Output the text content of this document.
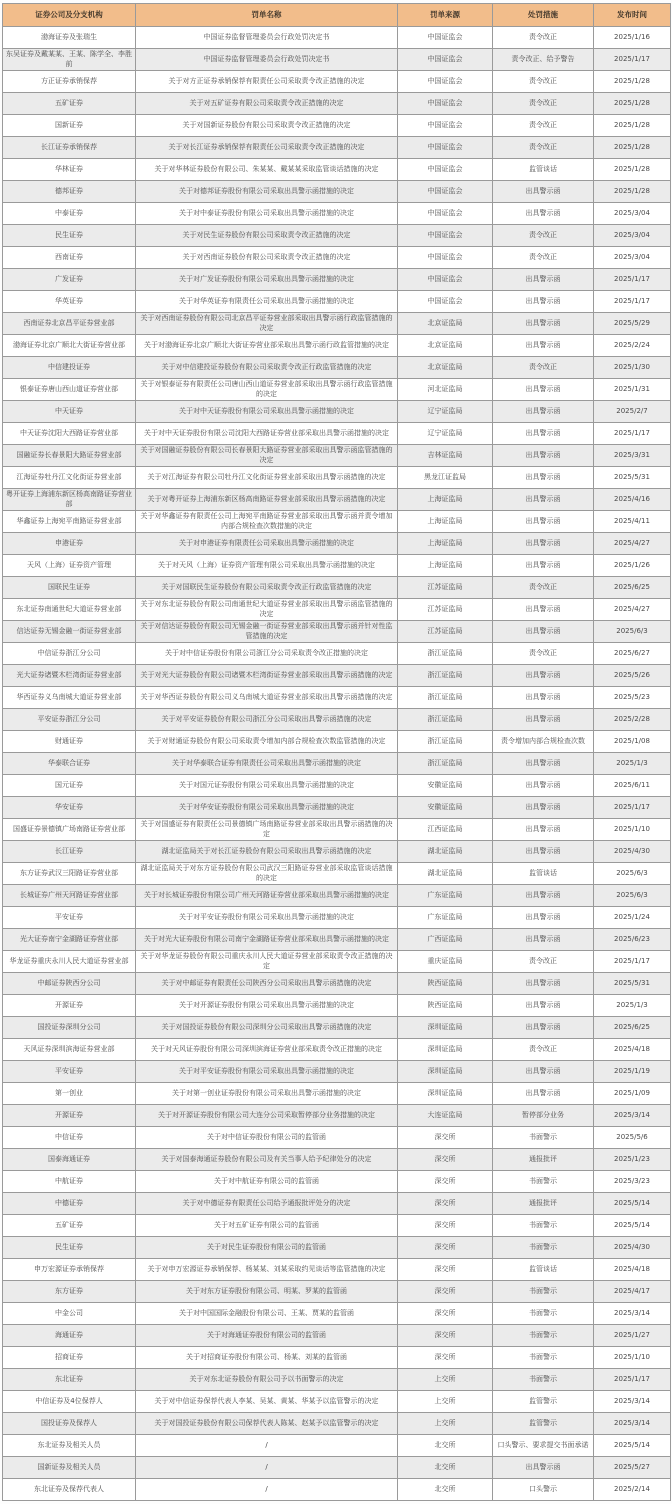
证券公司及分支机构	罚单名称	罚单来源	处罚措施	发布时间
渤海证券及张瑞生	中国证券监督管理委员会行政处罚决定书	中国证监会	责令改正	2025/1/16
东吴证券及戴某某、王某、陈学全、李胜前	中国证券监督管理委员会行政处罚决定书	中国证监会	责令改正、给予警告	2025/1/17
方正证券承销保荐	关于对方正证券承销保荐有限责任公司采取责令改正措施的决定	中国证监会	责令改正	2025/1/28
五矿证券	关于对五矿证券有限公司采取责令改正措施的决定	中国证监会	责令改正	2025/1/28
国新证券	关于对国新证券股份有限公司采取责令改正措施的决定	中国证监会	责令改正	2025/1/28
长江证券承销保荐	关于对长江证券承销保荐有限责任公司采取责令改正措施的决定	中国证监会	责令改正	2025/1/28
华林证券	关于对华林证券股份有限公司、朱某某、戴某某采取监管谈话措施的决定	中国证监会	监管谈话	2025/1/28
德邦证券	关于对德邦证券股份有限公司采取出具警示函措施的决定	中国证监会	出具警示函	2025/1/28
中泰证券	关于对中泰证券股份有限公司采取出具警示函措施的决定	中国证监会	出具警示函	2025/3/04
民生证券	关于对民生证券股份有限公司采取责令改正措施的决定	中国证监会	责令改正	2025/3/04
西南证券	关于对西南证券股份有限公司采取责令改正措施的决定	中国证监会	责令改正	2025/3/04
广发证券	关于对广发证券股份有限公司采取出具警示函措施的决定	中国证监会	出具警示函	2025/1/17
华英证券	关于对华英证券有限责任公司采取出具警示函措施的决定	中国证监会	出具警示函	2025/1/17
西南证券北京昌平证券营业部	关于对西南证券股份有限公司北京昌平证券营业部采取出具警示函行政监管措施的决定	北京证监局	出具警示函	2025/5/29
渤海证券北京广顺北大街证券营业部	关于对渤海证券北京广顺北大街证券营业部采取出具警示函行政监管措施的决定	北京证监局	出具警示函	2025/2/24
中信建投证券	关于对中信建投证券股份有限公司采取责令改正行政监管措施的决定	北京证监局	责令改正	2025/1/30
银泰证券唐山西山道证券营业部	关于对银泰证券有限责任公司唐山西山道证券营业部采取出具警示函行政监管措施的决定	河北证监局	出具警示函	2025/1/31
中天证券	关于对中天证券股份有限公司采取出具警示函措施的决定	辽宁证监局	出具警示函	2025/2/7
中天证券沈阳大西路证券营业部	关于对中天证券股份有限公司沈阳大西路证券营业部采取出具警示函措施的决定	辽宁证监局	出具警示函	2025/1/17
国融证券长春景阳大路证券营业部	关于对国融证券股份有限公司长春景阳大路证券营业部采取出具警示函监管措施的决定	吉林证监局	出具警示函	2025/3/31
江海证券牡丹江文化街证券营业部	关于对江海证券有限公司牡丹江文化街证券营业部采取出具警示函措施的决定	黑龙江证监局	出具警示函	2025/5/31
粤开证券上海浦东新区杨高南路证券营业部	关于对粤开证券上海浦东新区杨高南路证券营业部采取出具警示函措施的决定	上海证监局	出具警示函	2025/4/16
华鑫证券上海宛平南路证券营业部	关于对华鑫证券有限责任公司上海宛平南路证券营业部采取出具警示函并责令增加内部合规检查次数措施的决定	上海证监局	出具警示函	2025/4/11
申港证券	关于对申港证券有限责任公司采取出具警示函措施的决定	上海证监局	出具警示函	2025/4/27
天风（上海）证券资产管理	关于对天风（上海）证券资产管理有限公司采取出具警示函措施的决定	上海证监局	出具警示函	2025/1/26
国联民生证券	关于对国联民生证券股份有限公司采取责令改正行政监管措施的决定	江苏证监局	责令改正	2025/6/25
东北证券南通世纪大道证券营业部	关于对东北证券股份有限公司南通世纪大道证券营业部采取出具警示函监管措施的决定	江苏证监局	出具警示函	2025/4/27
信达证券无锡金融一街证券营业部	关于对信达证券股份有限公司无锡金融一街证券营业部采取出具警示函并针对性监管措施的决定	江苏证监局	出具警示函	2025/6/3
中信证券浙江分公司	关于对中信证券股份有限公司浙江分公司采取责令改正措施的决定	浙江证监局	责令改正	2025/6/27
光大证券诸暨木栏湾街证券营业部	关于对光大证券股份有限公司诸暨木栏湾街证券营业部采取出具警示函措施的决定	浙江证监局	出具警示函	2025/5/26
华西证券义乌南城大道证券营业部	关于对华西证券股份有限公司义乌南城大道证券营业部采取出具警示函措施的决定	浙江证监局	出具警示函	2025/5/23
平安证券浙江分公司	关于对平安证券股份有限公司浙江分公司采取出具警示函措施的决定	浙江证监局	出具警示函	2025/2/28
财通证券	关于对财通证券股份有限公司采取责令增加内部合规检查次数监管措施的决定	浙江证监局	责令增加内部合规检查次数	2025/1/08
华泰联合证券	关于对华泰联合证券有限责任公司采取出具警示函措施的决定	浙江证监局	出具警示函	2025/1/3
国元证券	关于对国元证券股份有限公司采取出具警示函措施的决定	安徽证监局	出具警示函	2025/6/11
华安证券	关于对华安证券股份有限公司采取出具警示函措施的决定	安徽证监局	出具警示函	2025/1/17
国盛证券景德镇广场南路证券营业部	关于对国盛证券有限责任公司景德镇广场南路证券营业部采取出具警示函措施的决定	江西证监局	出具警示函	2025/1/10
长江证券	湖北证监局关于对长江证券股份有限公司采取出具警示函措施的决定	湖北证监局	出具警示函	2025/4/30
东方证券武汉三阳路证券营业部	湖北证监局关于对东方证券股份有限公司武汉三阳路证券营业部采取监管谈话措施的决定	湖北证监局	监管谈话	2025/6/3
长城证券广州天河路证券营业部	关于对长城证券股份有限公司广州天河路证券营业部采取出具警示函措施的决定	广东证监局	出具警示函	2025/6/3
平安证券	关于对平安证券股份有限公司采取出具警示函措施的决定	广东证监局	出具警示函	2025/1/24
光大证券南宁金湖路证券营业部	关于对光大证券股份有限公司南宁金湖路证券营业部采取出具警示函措施的决定	广西证监局	出具警示函	2025/6/23
华龙证券重庆永川人民大道证券营业部	关于对华龙证券股份有限公司重庆永川人民大道证券营业部采取责令改正措施的决定	重庆证监局	责令改正	2025/1/17
中邮证券陕西分公司	关于对中邮证券有限责任公司陕西分公司采取出具警示函措施的决定	陕西证监局	出具警示函	2025/5/31
开源证券	关于对开源证券股份有限公司采取出具警示函措施的决定	陕西证监局	出具警示函	2025/1/3
国投证券深圳分公司	关于对国投证券股份有限公司深圳分公司采取出具警示函措施的决定	深圳证监局	出具警示函	2025/6/25
天风证券深圳滨海证券营业部	关于对天风证券股份有限公司深圳滨海证券营业部采取责令改正措施的决定	深圳证监局	责令改正	2025/4/18
平安证券	关于对平安证券股份有限公司采取出具警示函措施的决定	深圳证监局	出具警示函	2025/1/19
第一创业	关于对第一创业证券股份有限公司采取出具警示函措施的决定	深圳证监局	出具警示函	2025/1/09
开源证券	关于对开源证券股份有限公司大连分公司采取暂停部分业务措施的决定	大连证监局	暂停部分业务	2025/3/14
中信证券	关于对中信证券股份有限公司的监管函	深交所	书面警示	2025/5/6
国泰海通证券	关于对国泰海通证券股份有限公司及有关当事人给予纪律处分的决定	深交所	通报批评	2025/1/23
中航证券	关于对中航证券有限公司的监管函	深交所	书面警示	2025/3/23
中德证券	关于对中德证券有限责任公司给予通报批评处分的决定	深交所	通报批评	2025/5/14
五矿证券	关于对五矿证券有限公司的监管函	深交所	书面警示	2025/5/14
民生证券	关于对民生证券股份有限公司的监管函	深交所	书面警示	2025/4/30
申万宏源证券承销保荐	关于对申万宏源证券承销保荐、杨某某、刘某采取约见谈话等监管措施的决定	深交所	监管谈话	2025/4/18
东方证券	关于对东方证券股份有限公司、明某、罗某的监管函	深交所	书面警示	2025/4/17
中金公司	关于对中国国际金融股份有限公司、王某、贾某的监管函	深交所	书面警示	2025/3/14
海通证券	关于对海通证券股份有限公司的监管函	深交所	书面警示	2025/1/27
招商证券	关于对招商证券股份有限公司、杨某、刘某的监管函	深交所	书面警示	2025/1/10
东北证券	关于对东北证券股份有限公司予以书面警示的决定	上交所	书面警示	2025/1/17
中信证券及4位保荐人	关于对中信证券保荐代表人李某、吴某、黄某、华某予以监管警示的决定	上交所	监管警示	2025/3/14
国投证券及保荐人	关于对国投证券股份有限公司保荐代表人陈某、赵某予以监管警示的决定	上交所	监管警示	2025/3/14
东北证券及相关人员	/	北交所	口头警示、要求提交书面承诺	2025/5/14
国新证券及相关人员	/	北交所	出具警示函	2025/5/27
东北证券及保荐代表人	/	北交所	口头警示	2025/2/14
